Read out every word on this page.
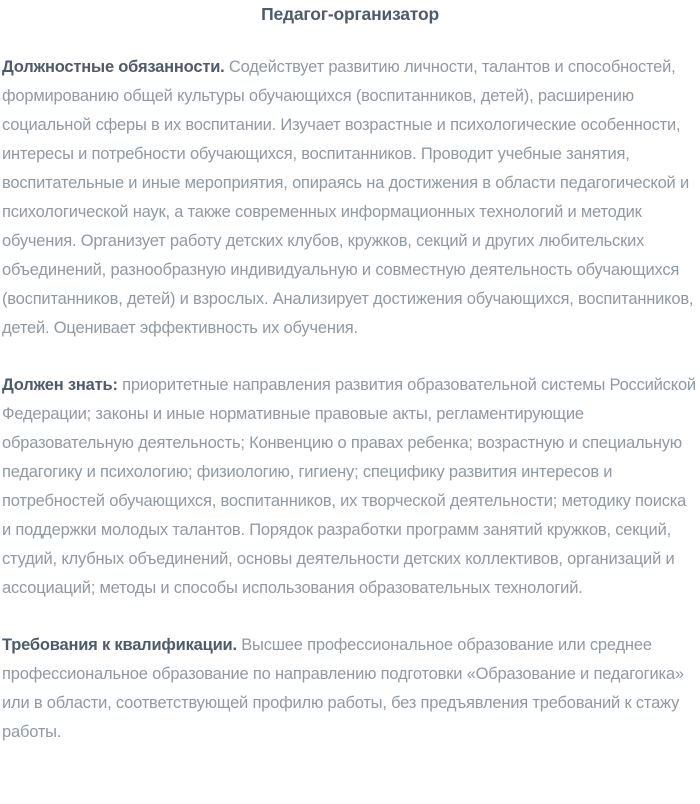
Педагог-организатор

Должностные обязанности. Содействует развитию личности, талантов и способностей, формированию общей культуры обучающихся (воспитанников, детей), расширению социальной сферы в их воспитании. Изучает возрастные и психологические особенности, интересы и потребности обучающихся, воспитанников. Проводит учебные занятия, воспитательные и иные мероприятия, опираясь на достижения в области педагогической и психологической наук, а также современных информационных технологий и методик обучения. Организует работу детских клубов, кружков, секций и других любительских объединений, разнообразную индивидуальную и совместную деятельность обучающихся (воспитанников, детей) и взрослых. Анализирует достижения обучающихся, воспитанников, детей. Оценивает эффективность их обучения.

Должен знать: приоритетные направления развития образовательной системы Российской Федерации; законы и иные нормативные правовые акты, регламентирующие образовательную деятельность; Конвенцию о правах ребенка; возрастную и специальную педагогику и психологию; физиологию, гигиену; специфику развития интересов и потребностей обучающихся, воспитанников, их творческой деятельности; методику поиска и поддержки молодых талантов. Порядок разработки программ занятий кружков, секций, студий, клубных объединений, основы деятельности детских коллективов, организаций и ассоциаций; методы и способы использования образовательных технологий.

Требования к квалификации. Высшее профессиональное образование или среднее профессиональное образование по направлению подготовки «Образование и педагогика» или в области, соответствующей профилю работы, без предъявления требований к стажу работы.
